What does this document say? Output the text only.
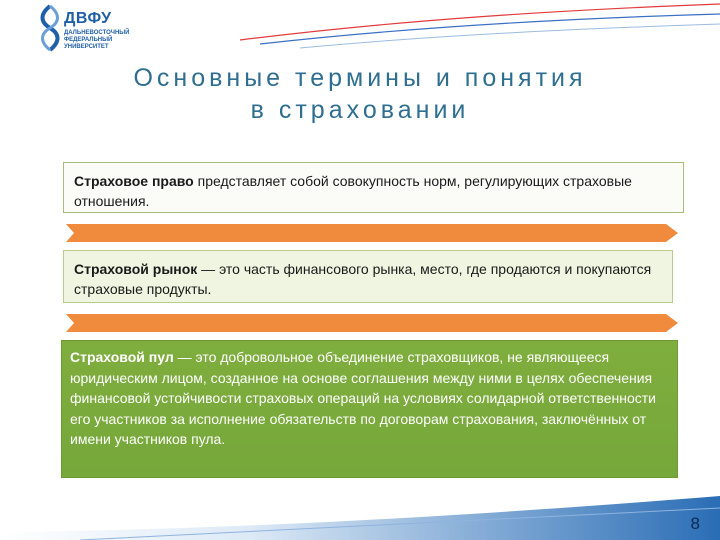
ДВФУ
ДАЛЬНЕВОСТОЧНЫЙ ФЕДЕРАЛЬНЫЙ УНИВЕРСИТЕТ
Основные термины и понятия в страховании
Страховое право представляет собой совокупность норм, регулирующих страховые отношения.
Страховой рынок — это часть финансового рынка, место, где продаются и покупаются страховые продукты.
Страховой пул — это добровольное объединение страховщиков, не являющееся юридическим лицом, созданное на основе соглашения между ними в целях обеспечения финансовой устойчивости страховых операций на условиях солидарной ответственности его участников за исполнение обязательств по договорам страхования, заключённых от имени участников пула.
8
